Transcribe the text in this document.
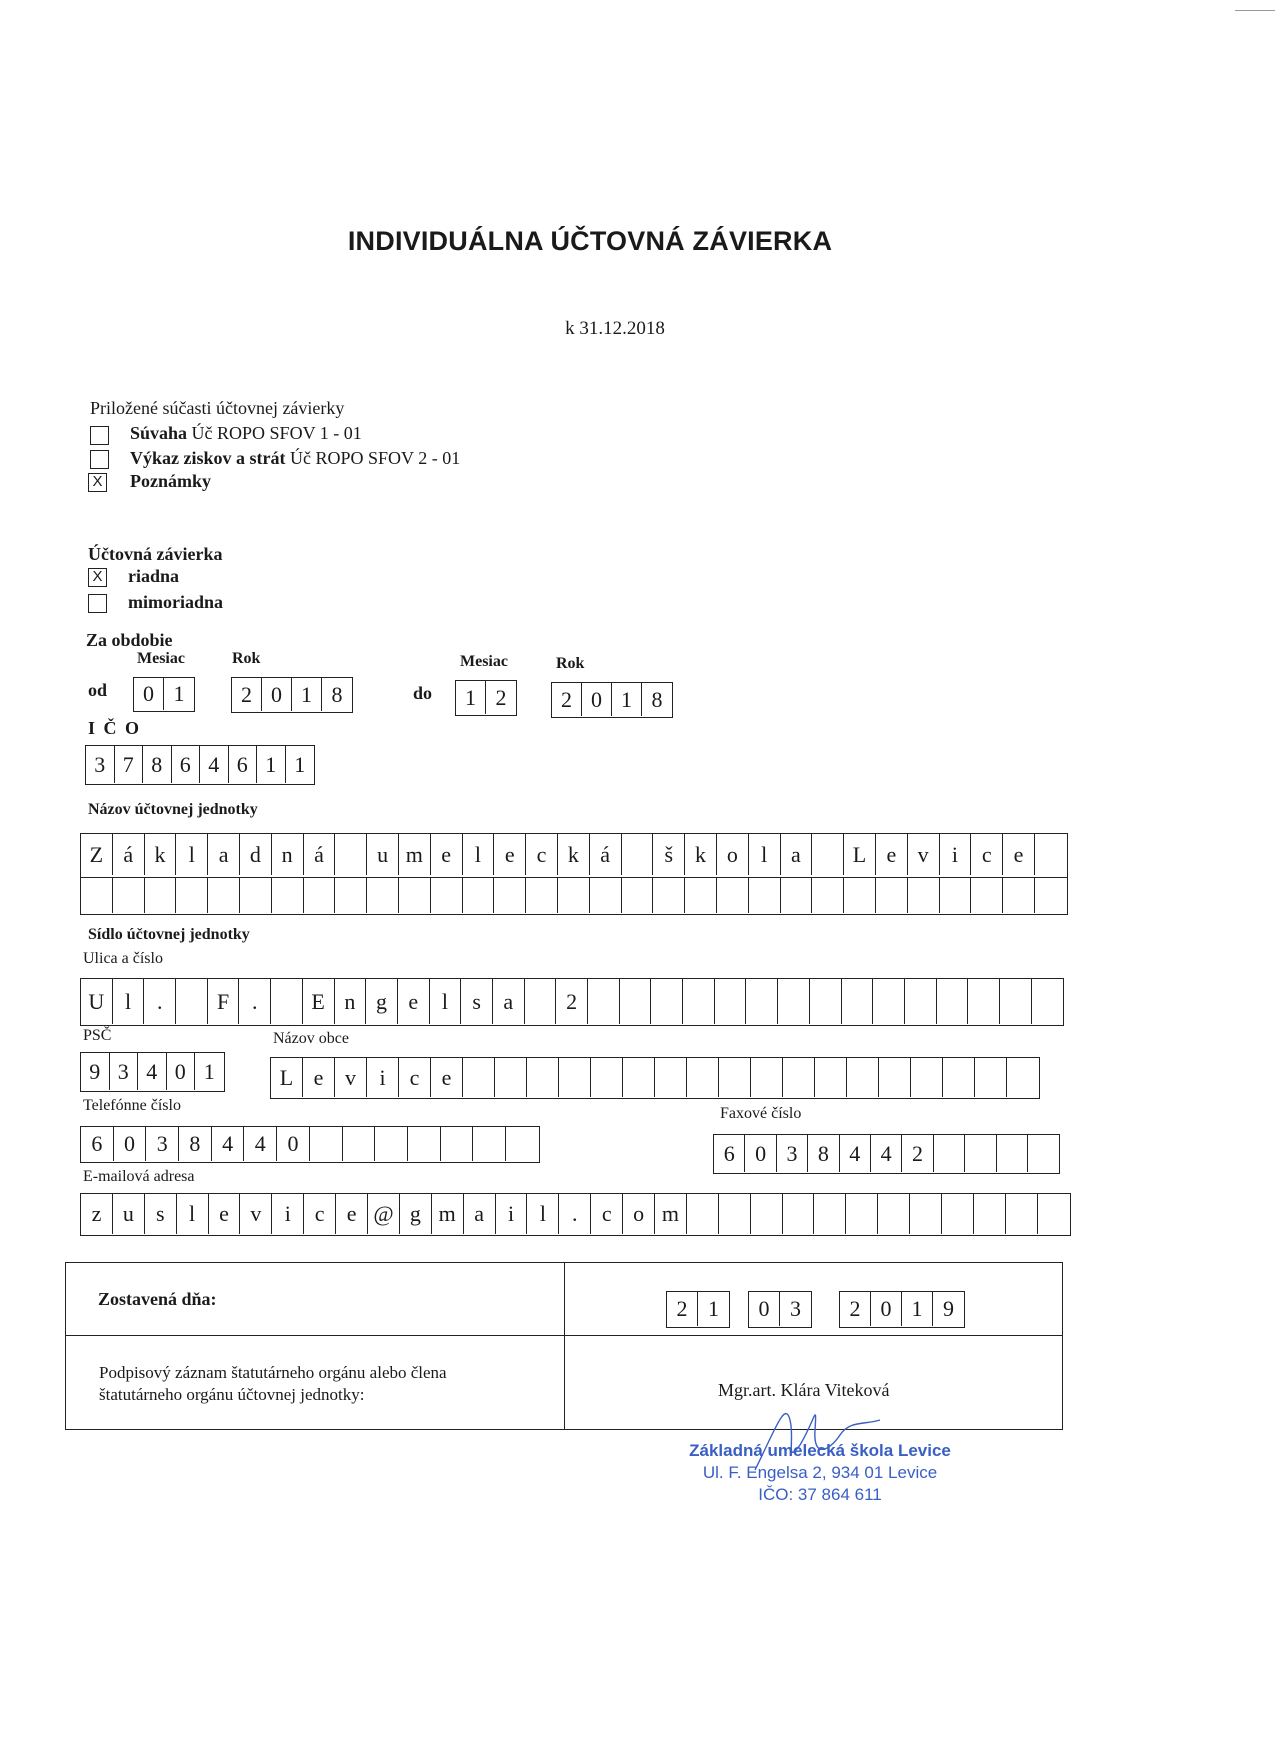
INDIVIDUÁLNA ÚČTOVNÁ ZÁVIERKA
k 31.12.2018
Priložené súčasti účtovnej závierky
Súvaha Úč ROPO SFOV 1 - 01
Výkaz ziskov a strát Úč ROPO SFOV 2 - 01
X Poznámky
Účtovná závierka
X riadna
mimoriadna
Za obdobie
Mesiac	Rok	Mesiac	Rok
od	do
0 1	2 0 1 8	1 2	2 0 1 8
I Č O
3 7 8 6 4 6 1 1
Názov účtovnej jednotky
Z á k	l	a d n á	u m e	l	e	c k á	š	k o	l	a	L e v	i	c	e
Sídlo účtovnej jednotky
Ulica a číslo
U l	.	F	.	E n g e	l	s	a	2
PSČ	Názov obce
9 3 4 0 1	L e v	i	c	e
Telefónne číslo	Faxové číslo
6 0 3 8 4 4 0	6 0 3 8 4 4 2
E-mailová adresa
z u	s	l	e v	i	c	e @ g m a	i	l	.	c o m
Zostavená dňa:	2 1	0 3	2 0 1 9
Podpisový záznam štatutárneho orgánu alebo člena
štatutárneho orgánu účtovnej jednotky:	Mgr.art. Klára Viteková
Základná umelecká škola Levice
Ul. F. Engelsa 2, 934 01 Levice
IČO: 37 864 611
